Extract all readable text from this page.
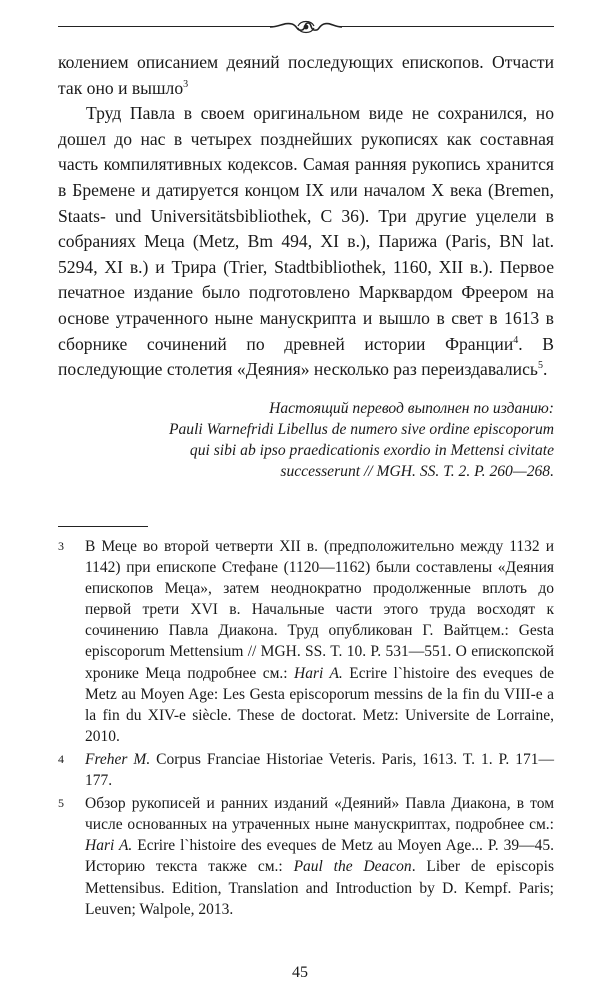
колением описанием деяний последующих епископов. Отчасти так оно и вышло$^3$

Труд Павла в своем оригинальном виде не сохранился, но дошел до нас в четырех позднейших рукописях как составная часть компилятивных кодексов. Самая ранняя рукопись хранится в Бремене и датируется концом IX или началом X века (Bremen, Staats- und Universitätsbibliothek, C 36). Три другие уцелели в собраниях Меца (Metz, Bm 494, XI в.), Парижа (Paris, BN lat. 5294, XI в.) и Трира (Trier, Stadtbibliothek, 1160, XII в.). Первое печатное издание было подготовлено Марквардом Фреером на основе утраченного ныне манускрипта и вышло в свет в 1613 в сборнике сочинений по древней истории Франции$^4$. В последующие столетия «Деяния» несколько раз переиздавались$^5$.

Настоящий перевод выполнен по изданию:
Pauli Warnefridi Libellus de numero sive ordine episcoporum
qui sibi ab ipso praedicationis exordio in Mettensi civitate
successerunt // MGH. SS. T. 2. P. 260—268.
3 В Меце во второй четверти XII в. (предположительно между 1132 и 1142) при епископе Стефане (1120—1162) были составлены «Деяния епископов Меца», затем неоднократно продолженные вплоть до первой трети XVI в. Начальные части этого труда восходят к сочинению Павла Диакона. Труд опубликован Г. Вайтцем.: Gesta episcoporum Mettensium // MGH. SS. T. 10. P. 531—551. О епископской хронике Меца подробнее см.: Hari A. Ecrire l`histoire des eveques de Metz au Moyen Age: Les Gesta episcoporum messins de la fin du VIII-e a la fin du XIV-e siècle. These de doctorat. Metz: Universite de Lorraine, 2010.
4 Freher M. Corpus Franciae Historiae Veteris. Paris, 1613. T. 1. P. 171—177.
5 Обзор рукописей и ранних изданий «Деяний» Павла Диакона, в том числе основанных на утраченных ныне манускриптах, подробнее см.: Hari A. Ecrire l`histoire des eveques de Metz au Moyen Age... P. 39—45. Историю текста также см.: Paul the Deacon. Liber de episcopis Mettensibus. Edition, Translation and Introduction by D. Kempf. Paris; Leuven; Walpole, 2013.
45
